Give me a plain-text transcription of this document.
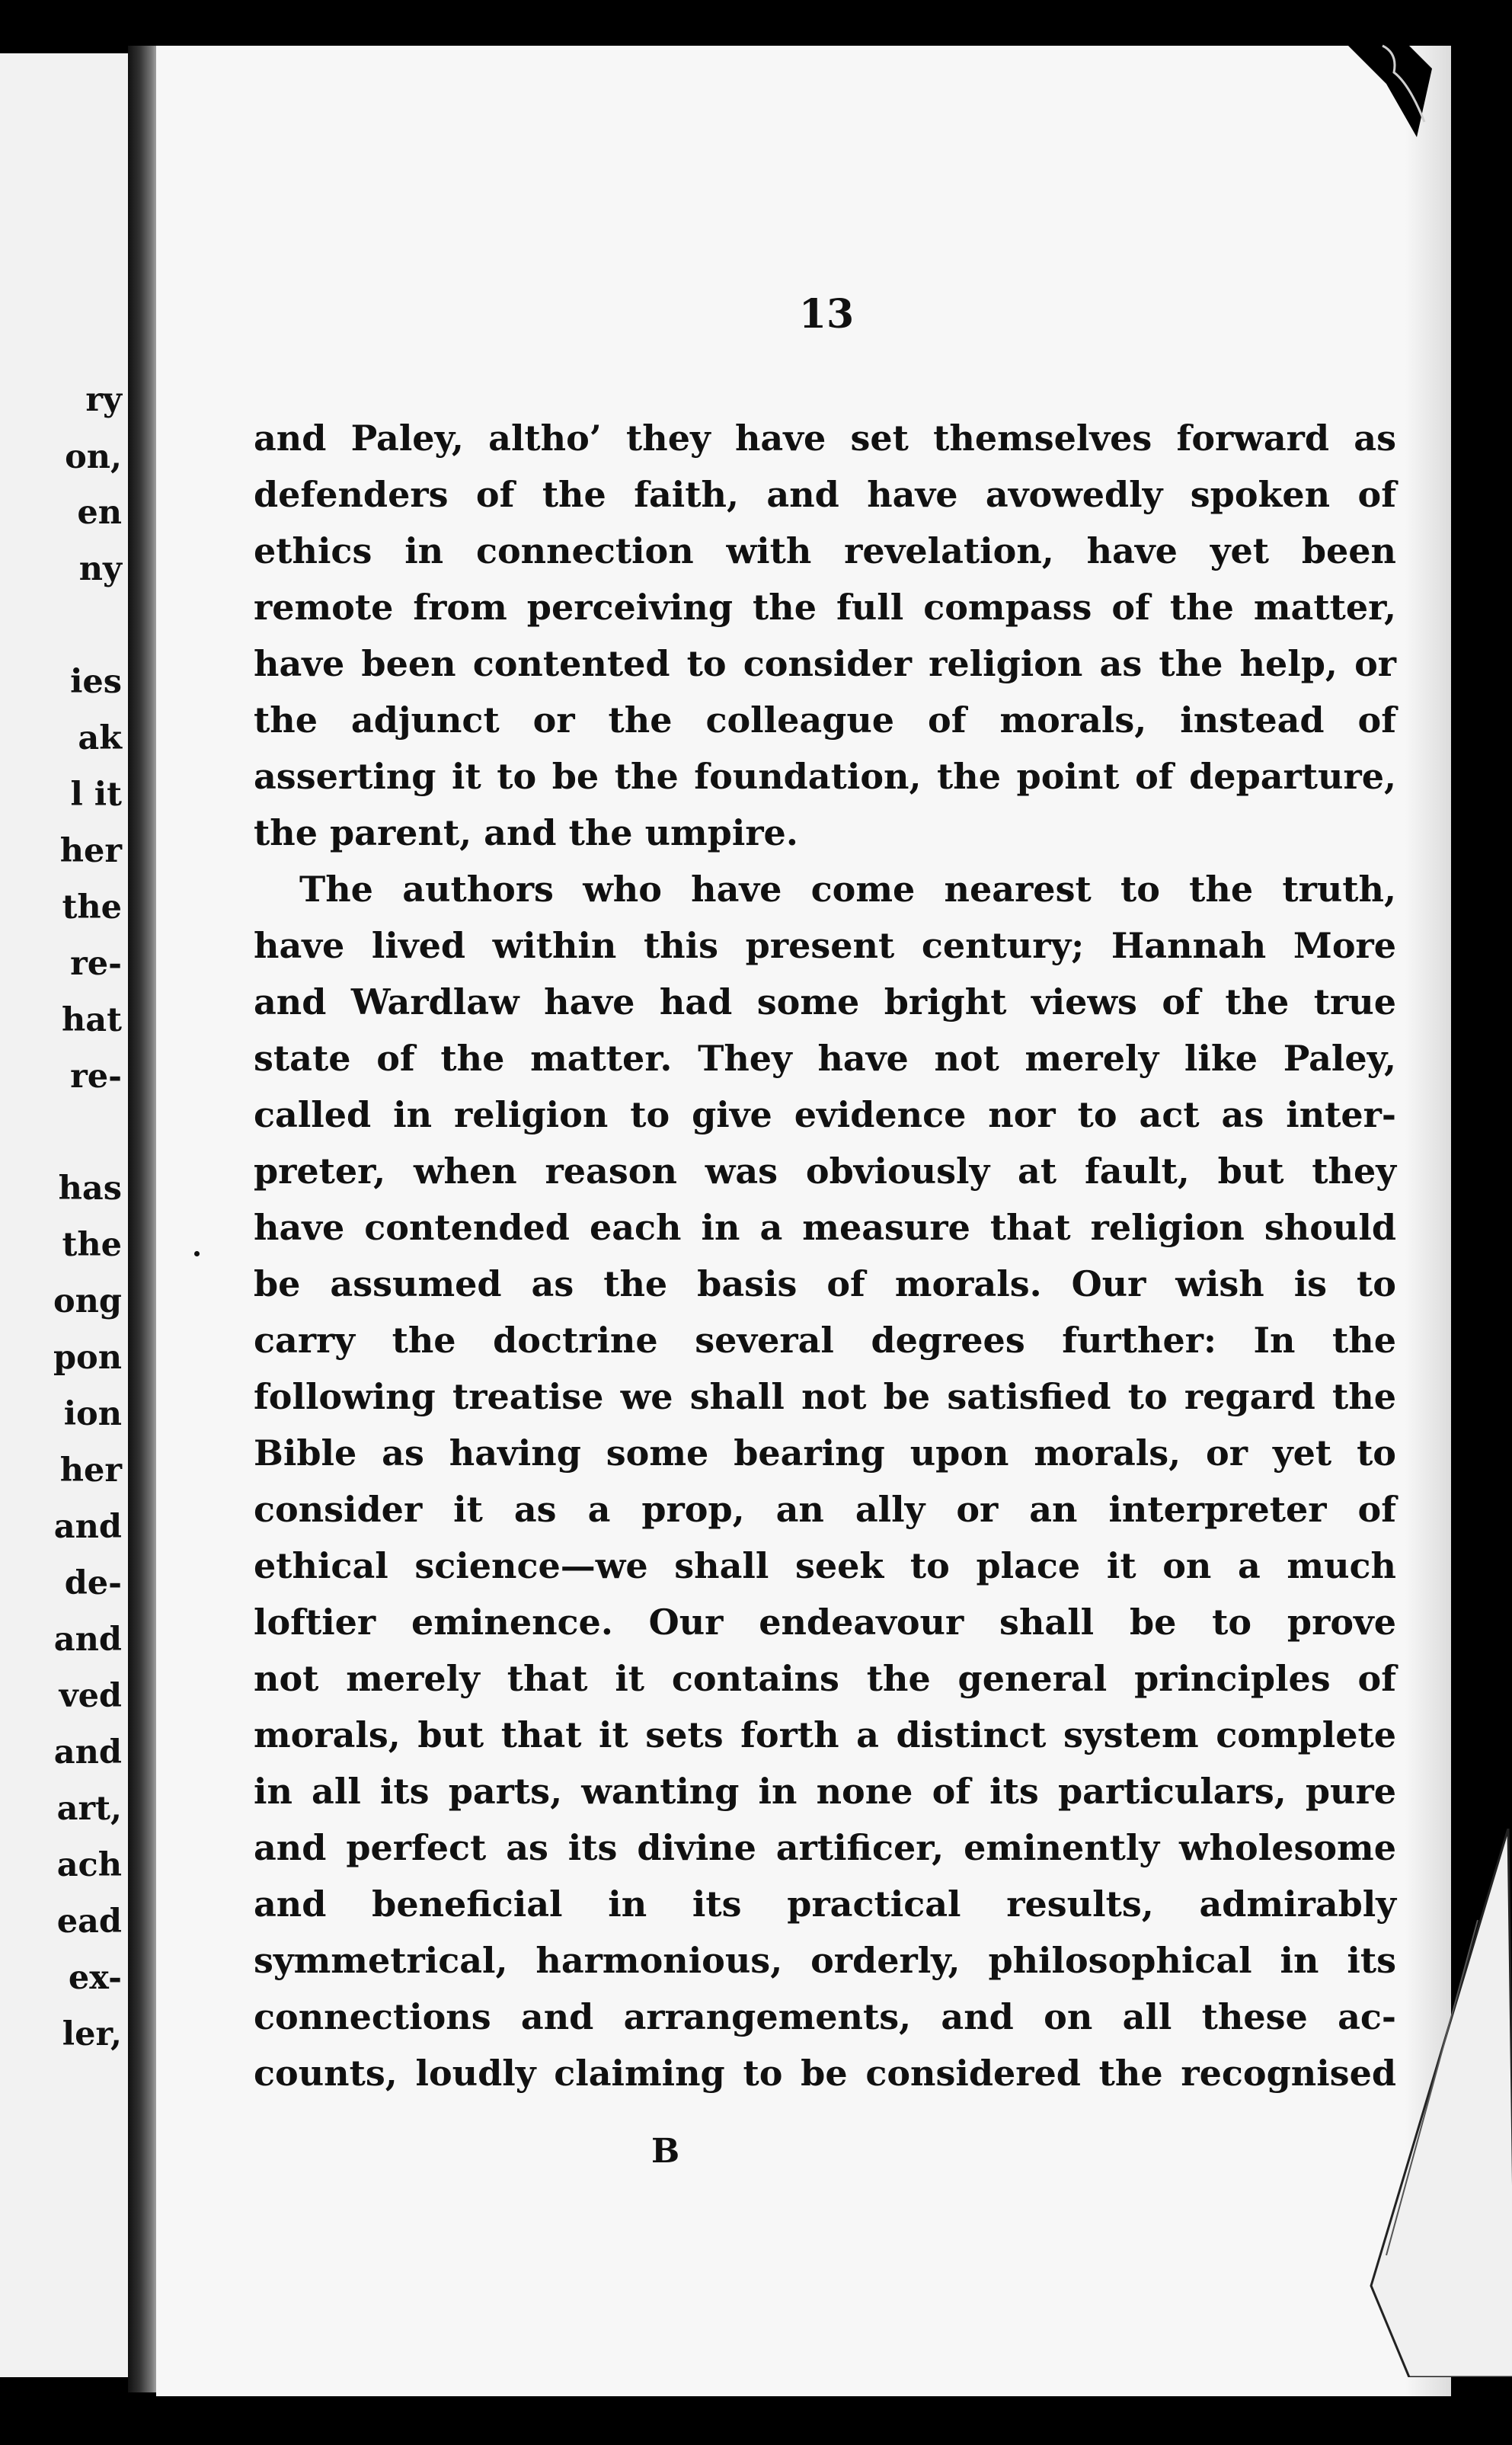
ry

on,

en

ny

ies

ak

l it

her

the

re-

hat

re-

has

the

ong

pon

ion

her

and

de-

and

ved

and

art,

ach

ead

ex-

ler,

13

and Paley, altho’ they have set themselves forward as
defenders of the faith, and have avowedly spoken of
ethics in connection with revelation, have yet been
remote from perceiving the full compass of the matter,
have been contented to consider religion as the help, or
the adjunct or the colleague of morals, instead of
asserting it to be the foundation, the point of departure,
the parent, and the umpire.
The authors who have come nearest to the truth,
have lived within this present century; Hannah More
and Wardlaw have had some bright views of the true
state of the matter. They have not merely like Paley,
called in religion to give evidence nor to act as inter-
preter, when reason was obviously at fault, but they
have contended each in a measure that religion should
be assumed as the basis of morals. Our wish is to
carry the doctrine several degrees further: In the
following treatise we shall not be satisfied to regard the
Bible as having some bearing upon morals, or yet to
consider it as a prop, an ally or an interpreter of
ethical science—we shall seek to place it on a much
loftier eminence. Our endeavour shall be to prove
not merely that it contains the general principles of
morals, but that it sets forth a distinct system complete
in all its parts, wanting in none of its particulars, pure
and perfect as its divine artificer, eminently wholesome
and beneficial in its practical results, admirably
symmetrical, harmonious, orderly, philosophical in its
connections and arrangements, and on all these ac-
counts, loudly claiming to be considered the recognised

B
